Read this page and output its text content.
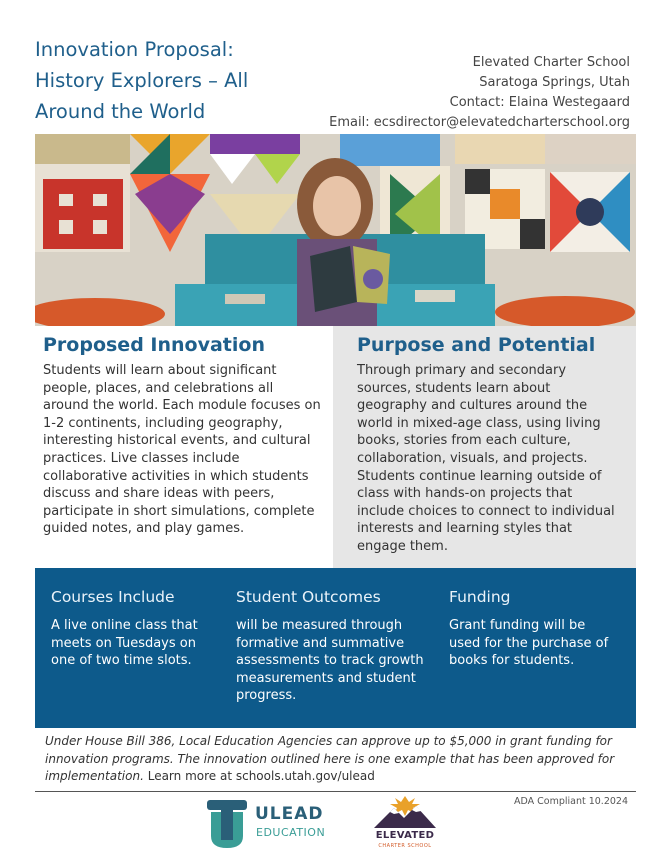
Innovation Proposal:
History Explorers – All
Around the World
Elevated Charter School
Saratoga Springs, Utah
Contact: Elaina Westegaard
Email: ecsdirector@elevatedcharterschool.org
Proposed Innovation
Students will learn about significant people, places, and celebrations all around the world. Each module focuses on 1-2 continents, including geography, interesting historical events, and cultural practices. Live classes include collaborative activities in which students discuss and share ideas with peers, participate in short simulations, complete guided notes, and play games.
Purpose and Potential
Through primary and secondary sources, students learn about geography and cultures around the world in mixed-age class, using living books, stories from each culture, collaboration, visuals, and projects. Students continue learning outside of class with hands-on projects that include choices to connect to individual interests and learning styles that engage them.
Courses Include
A live online class that meets on Tuesdays on one of two time slots.
Student Outcomes
will be measured through formative and summative assessments to track growth measurements and student progress.
Funding
Grant funding will be used for the purchase of books for students.
Under House Bill 386, Local Education Agencies can approve up to $5,000 in grant funding for innovation programs. The innovation outlined here is one example that has been approved for implementation. Learn more at schools.utah.gov/ulead
ADA Compliant 10.2024
ULEAD
EDUCATION	ELEVATED
CHARTER SCHOOL
